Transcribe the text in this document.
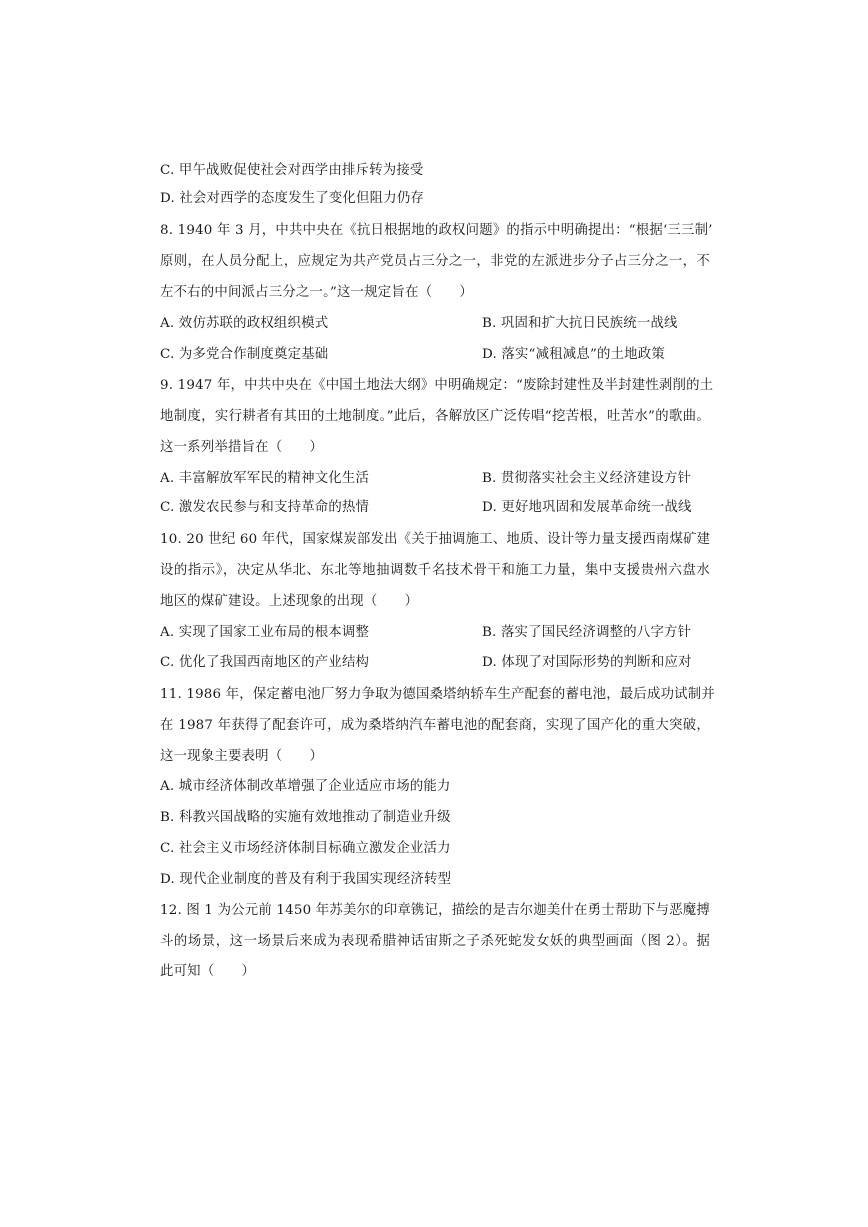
C. 甲午战败促使社会对西学由排斥转为接受
D. 社会对西学的态度发生了变化但阻力仍存
8. 1940 年 3 月，中共中央在《抗日根据地的政权问题》的指示中明确提出：“根据‘三三制’
原则，在人员分配上，应规定为共产党员占三分之一，非党的左派进步分子占三分之一，不
左不右的中间派占三分之一。”这一规定旨在（　　）
A. 效仿苏联的政权组织模式	B. 巩固和扩大抗日民族统一战线
C. 为多党合作制度奠定基础	D. 落实“减租减息”的土地政策
9. 1947 年，中共中央在《中国土地法大纲》中明确规定：“废除封建性及半封建性剥削的土
地制度，实行耕者有其田的土地制度。”此后，各解放区广泛传唱“挖苦根，吐苦水”的歌曲。
这一系列举措旨在（　　）
A. 丰富解放军军民的精神文化生活	B. 贯彻落实社会主义经济建设方针
C. 激发农民参与和支持革命的热情	D. 更好地巩固和发展革命统一战线
10. 20 世纪 60 年代，国家煤炭部发出《关于抽调施工、地质、设计等力量支援西南煤矿建
设的指示》，决定从华北、东北等地抽调数千名技术骨干和施工力量，集中支援贵州六盘水
地区的煤矿建设。上述现象的出现（　　）
A. 实现了国家工业布局的根本调整	B. 落实了国民经济调整的八字方针
C. 优化了我国西南地区的产业结构	D. 体现了对国际形势的判断和应对
11. 1986 年，保定蓄电池厂努力争取为德国桑塔纳轿车生产配套的蓄电池，最后成功试制并
在 1987 年获得了配套许可，成为桑塔纳汽车蓄电池的配套商，实现了国产化的重大突破，
这一现象主要表明（　　）
A. 城市经济体制改革增强了企业适应市场的能力
B. 科教兴国战略的实施有效地推动了制造业升级
C. 社会主义市场经济体制目标确立激发企业活力
D. 现代企业制度的普及有利于我国实现经济转型
12. 图 1 为公元前 1450 年苏美尔的印章镌记，描绘的是吉尔迦美什在勇士帮助下与恶魔搏
斗的场景，这一场景后来成为表现希腊神话宙斯之子杀死蛇发女妖的典型画面（图 2）。据
此可知（　　）
